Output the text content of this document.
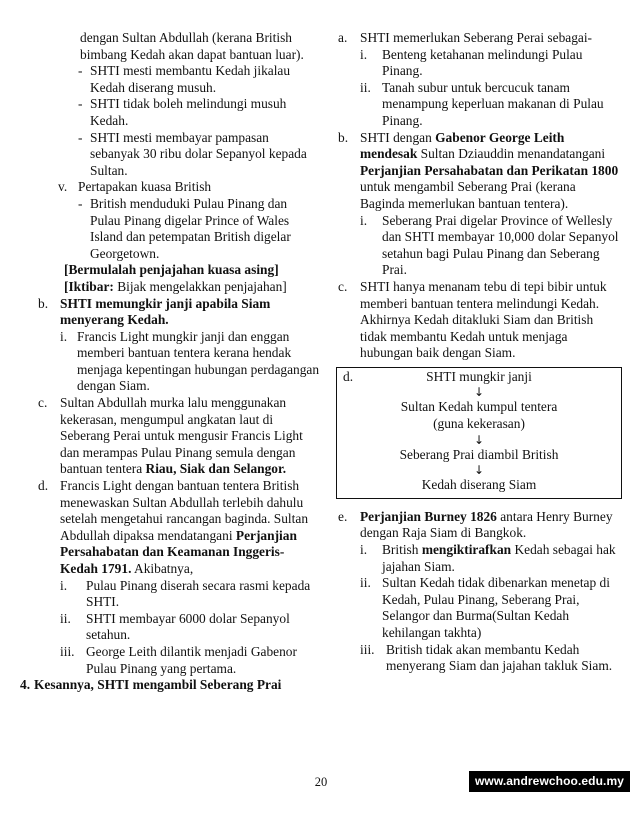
dengan Sultan Abdullah (kerana British bimbang Kedah akan dapat bantuan luar).
- SHTI mesti membantu Kedah jikalau Kedah diserang musuh.
- SHTI tidak boleh melindungi musuh Kedah.
- SHTI mesti membayar pampasan sebanyak 30 ribu dolar Sepanyol kepada Sultan.
v. Pertapakan kuasa British
- British menduduki Pulau Pinang dan Pulau Pinang digelar Prince of Wales Island dan petempatan British digelar Georgetown.
[Bermulalah penjajahan kuasa asing]
[Iktibar: Bijak mengelakkan penjajahan]
b. SHTI memungkir janji apabila Siam menyerang Kedah.
i. Francis Light mungkir janji dan enggan memberi bantuan tentera kerana hendak menjaga kepentingan hubungan perdagangan dengan Siam.
c. Sultan Abdullah murka lalu menggunakan kekerasan, mengumpul angkatan laut di Seberang Perai untuk mengusir Francis Light dan merampas Pulau Pinang semula dengan bantuan tentera Riau, Siak dan Selangor.
d. Francis Light dengan bantuan tentera British menewaskan Sultan Abdullah terlebih dahulu setelah mengetahui rancangan baginda. Sultan Abdullah dipaksa mendatangani Perjanjian Persahabatan dan Keamanan Inggeris-Kedah 1791. Akibatnya,
i.	Pulau Pinang diserah secara rasmi kepada SHTI.
ii.	SHTI membayar 6000 dolar Sepanyol setahun.
iii. George Leith dilantik menjadi Gabenor Pulau Pinang yang pertama.
4. Kesannya, SHTI mengambil Seberang Prai
a. SHTI memerlukan Seberang Perai sebagai-
i.	Benteng ketahanan melindungi Pulau Pinang.
ii. Tanah subur untuk bercucuk tanam menampung keperluan makanan di Pulau Pinang.
b. SHTI dengan Gabenor George Leith mendesak Sultan Dziauddin menandatangani Perjanjian Persahabatan dan Perikatan 1800 untuk mengambil Seberang Prai (kerana Baginda memerlukan bantuan tentera).
i.	Seberang Prai digelar Province of Wellesly dan SHTI membayar 10,000 dolar Sepanyol setahun bagi Pulau Pinang dan Seberang Prai.
c. SHTI hanya menanam tebu di tepi bibir untuk memberi bantuan tentera melindungi Kedah. Akhirnya Kedah ditakluki Siam dan British tidak membantu Kedah untuk menjaga hubungan baik dengan Siam.
d.	SHTI mungkir janji
↓
Sultan Kedah kumpul tentera
(guna kekerasan)
↓
Seberang Prai diambil British
↓
Kedah diserang Siam
e. Perjanjian Burney 1826 antara Henry Burney dengan Raja Siam di Bangkok.
i.	British mengiktirafkan Kedah sebagai hak jajahan Siam.
ii. Sultan Kedah tidak dibenarkan menetap di Kedah, Pulau Pinang, Seberang Prai, Selangor dan Burma(Sultan Kedah kehilangan takhta)
iii. British tidak akan membantu Kedah menyerang Siam dan jajahan takluk Siam.
20	www.andrewchoo.edu.my
